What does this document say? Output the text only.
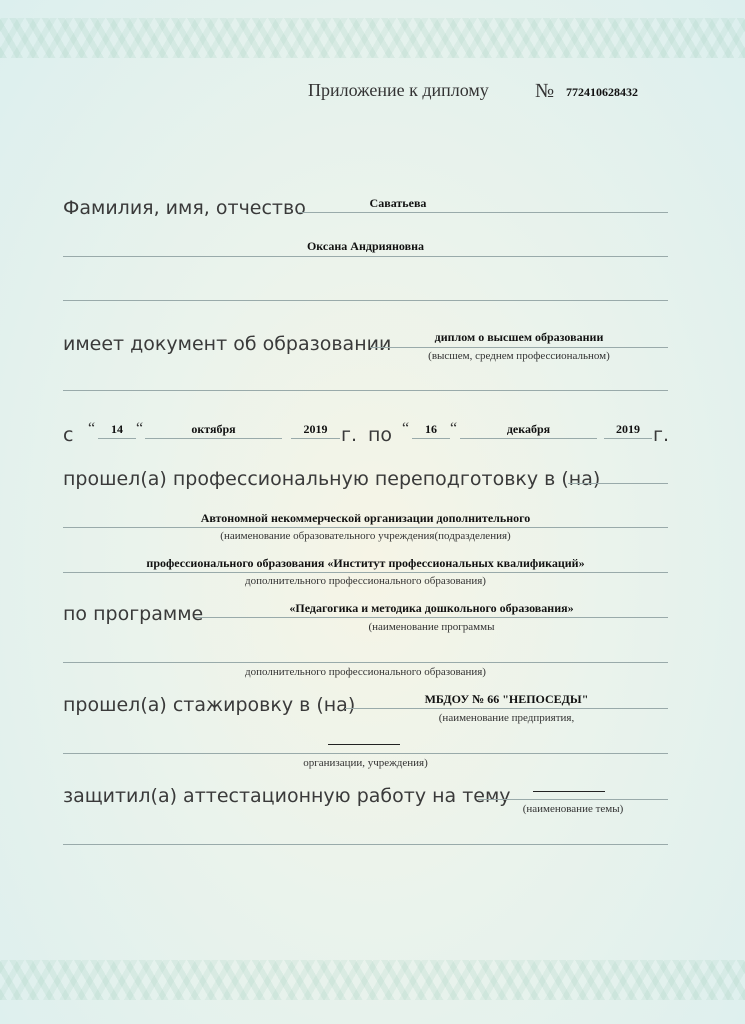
Приложение к диплому № 772410628432
Фамилия, имя, отчество	Саватьева
Оксана Андрияновна
имеет документ об образовании	диплом о высшем образовании
(высшем, среднем профессиональном)
с “	14 “	октября	2019 г. по “	16 “	декабря	2019 г.
прошел(а) профессиональную переподготовку в (на)
Автономной некоммерческой организации дополнительного
(наименование образовательного учреждения(подразделения)
профессионального образования «Институт профессиональных квалификаций»
дополнительного профессионального образования)
по программе	«Педагогика и методика дошкольного образования»
(наименование программы
дополнительного профессионального образования)
прошел(а) стажировку в (на)	МБДОУ № 66 "НЕПОСЕДЫ"
(наименование предприятия,
организации, учреждения)
защитил(а) аттестационную работу на тему
(наименование темы)
